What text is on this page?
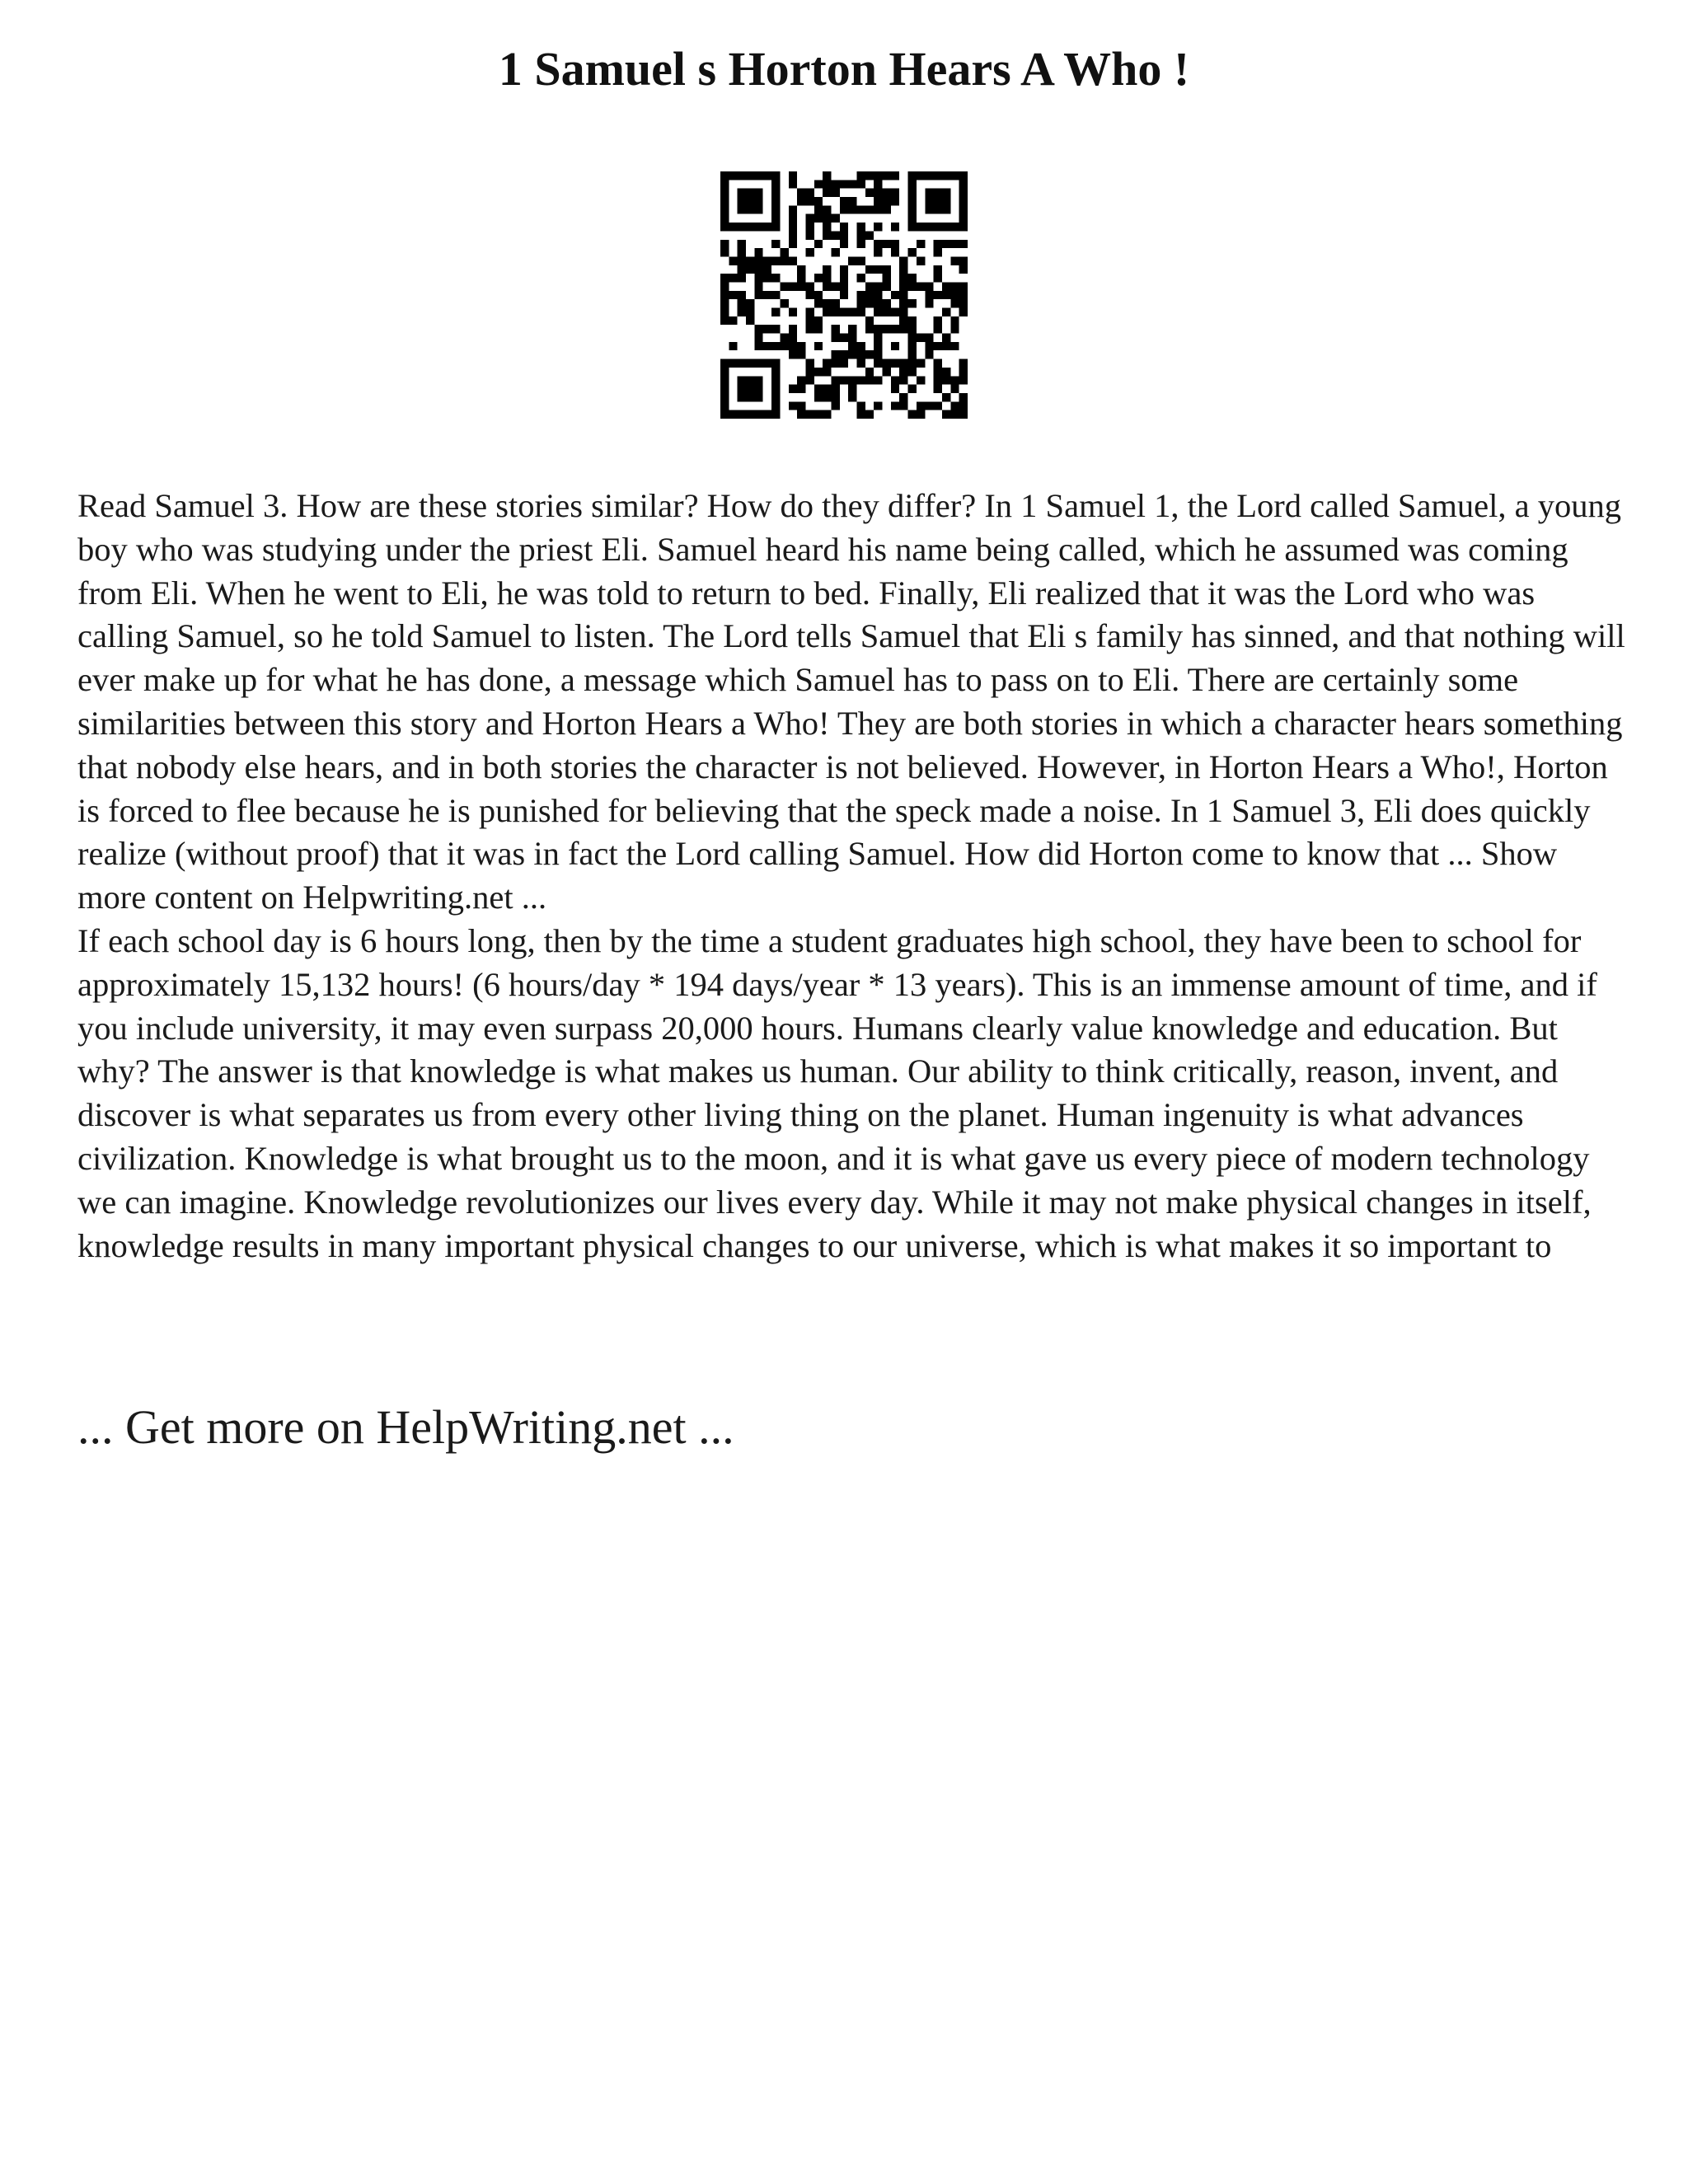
1 Samuel s Horton Hears A Who !

Read Samuel 3. How are these stories similar? How do they differ? In 1 Samuel 1, the Lord called Samuel, a young boy who was studying under the priest Eli. Samuel heard his name being called, which he assumed was coming from Eli. When he went to Eli, he was told to return to bed. Finally, Eli realized that it was the Lord who was calling Samuel, so he told Samuel to listen. The Lord tells Samuel that Eli s family has sinned, and that nothing will ever make up for what he has done, a message which Samuel has to pass on to Eli. There are certainly some similarities between this story and Horton Hears a Who! They are both stories in which a character hears something that nobody else hears, and in both stories the character is not believed. However, in Horton Hears a Who!, Horton is forced to flee because he is punished for believing that the speck made a noise. In 1 Samuel 3, Eli does quickly realize (without proof) that it was in fact the Lord calling Samuel. How did Horton come to know that ... Show more content on Helpwriting.net ...

If each school day is 6 hours long, then by the time a student graduates high school, they have been to school for approximately 15,132 hours! (6 hours/day * 194 days/year * 13 years). This is an immense amount of time, and if you include university, it may even surpass 20,000 hours. Humans clearly value knowledge and education. But why? The answer is that knowledge is what makes us human. Our ability to think critically, reason, invent, and discover is what separates us from every other living thing on the planet. Human ingenuity is what advances civilization. Knowledge is what brought us to the moon, and it is what gave us every piece of modern technology we can imagine. Knowledge revolutionizes our lives every day. While it may not make physical changes in itself, knowledge results in many important physical changes to our universe, which is what makes it so important to

... Get more on HelpWriting.net ...
